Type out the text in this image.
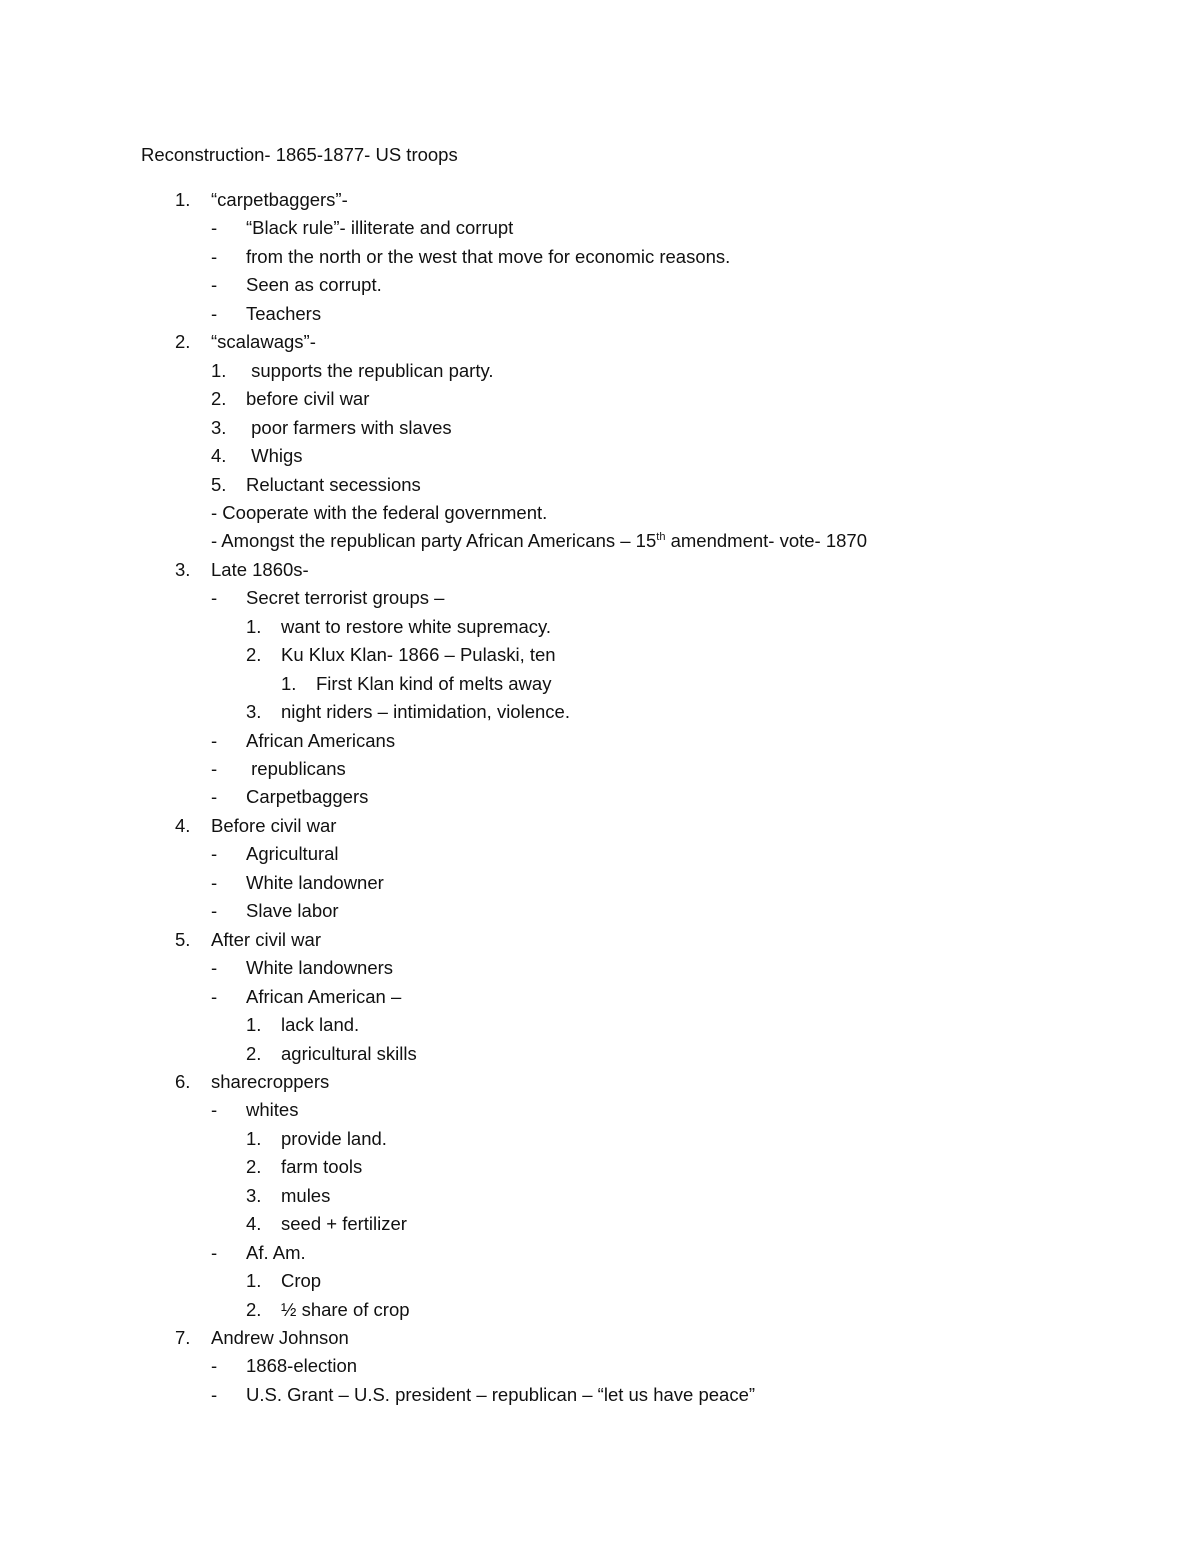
Reconstruction- 1865-1877- US troops
1. “carpetbaggers”-
- “Black rule”- illiterate and corrupt
- from the north or the west that move for economic reasons.
- Seen as corrupt.
- Teachers
2. “scalawags”-
1. supports the republican party.
2. before civil war
3. poor farmers with slaves
4. Whigs
5. Reluctant secessions
- Cooperate with the federal government.
- Amongst the republican party African Americans – 15th amendment- vote- 1870
3. Late 1860s-
- Secret terrorist groups –
1. want to restore white supremacy.
2. Ku Klux Klan- 1866 – Pulaski, ten
1. First Klan kind of melts away
3. night riders – intimidation, violence.
- African Americans
- republicans
- Carpetbaggers
4. Before civil war
- Agricultural
- White landowner
- Slave labor
5. After civil war
- White landowners
- African American –
1. lack land.
2. agricultural skills
6. sharecroppers
- whites
1. provide land.
2. farm tools
3. mules
4. seed + fertilizer
- Af. Am.
1. Crop
2. ½ share of crop
7. Andrew Johnson
- 1868-election
- U.S. Grant – U.S. president – republican – “let us have peace”
